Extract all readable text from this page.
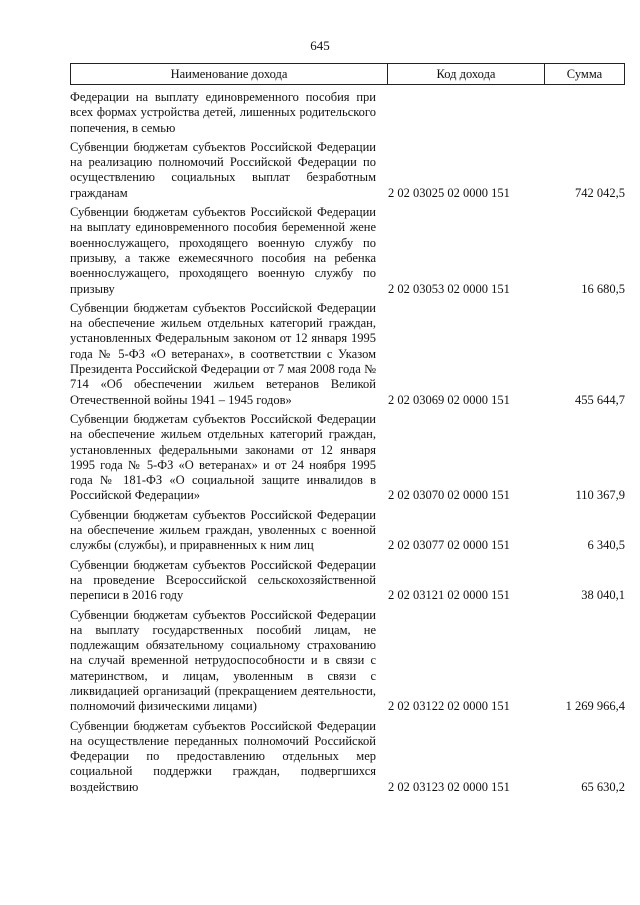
645
Наименование дохода	Код дохода	Сумма
Федерации на выплату единовременного пособия при всех формах устройства детей, лишенных родительского попечения, в семью
Субвенции бюджетам субъектов Российской Федерации на реализацию полномочий Российской Федерации по осуществлению социальных выплат безработным гражданам	2 02 03025 02 0000 151	742 042,5
Субвенции бюджетам субъектов Российской Федерации на выплату единовременного пособия беременной жене военнослужащего, проходящего военную службу по призыву, а также ежемесячного пособия на ребенка военнослужащего, проходящего военную службу по призыву	2 02 03053 02 0000 151	16 680,5
Субвенции бюджетам субъектов Российской Федерации на обеспечение жильем отдельных категорий граждан, установленных Федеральным законом от 12 января 1995 года № 5-ФЗ «О ветеранах», в соответствии с Указом Президента Российской Федерации от 7 мая 2008 года № 714 «Об обеспечении жильем ветеранов Великой Отечественной войны 1941 – 1945 годов»	2 02 03069 02 0000 151	455 644,7
Субвенции бюджетам субъектов Российской Федерации на обеспечение жильем отдельных категорий граждан, установленных федеральными законами от 12 января 1995 года № 5-ФЗ «О ветеранах» и от 24 ноября 1995 года № 181-ФЗ «О социальной защите инвалидов в Российской Федерации»	2 02 03070 02 0000 151	110 367,9
Субвенции бюджетам субъектов Российской Федерации на обеспечение жильем граждан, уволенных с военной службы (службы), и приравненных к ним лиц	2 02 03077 02 0000 151	6 340,5
Субвенции бюджетам субъектов Российской Федерации на проведение Всероссийской сельскохозяйственной переписи в 2016 году	2 02 03121 02 0000 151	38 040,1
Субвенции бюджетам субъектов Российской Федерации на выплату государственных пособий лицам, не подлежащим обязательному социальному страхованию на случай временной нетрудоспособности и в связи с материнством, и лицам, уволенным в связи с ликвидацией организаций (прекращением деятельности, полномочий физическими лицами)	2 02 03122 02 0000 151	1 269 966,4
Субвенции бюджетам субъектов Российской Федерации на осуществление переданных полномочий Российской Федерации по предоставлению отдельных мер социальной поддержки граждан, подвергшихся воздействию	2 02 03123 02 0000 151	65 630,2
